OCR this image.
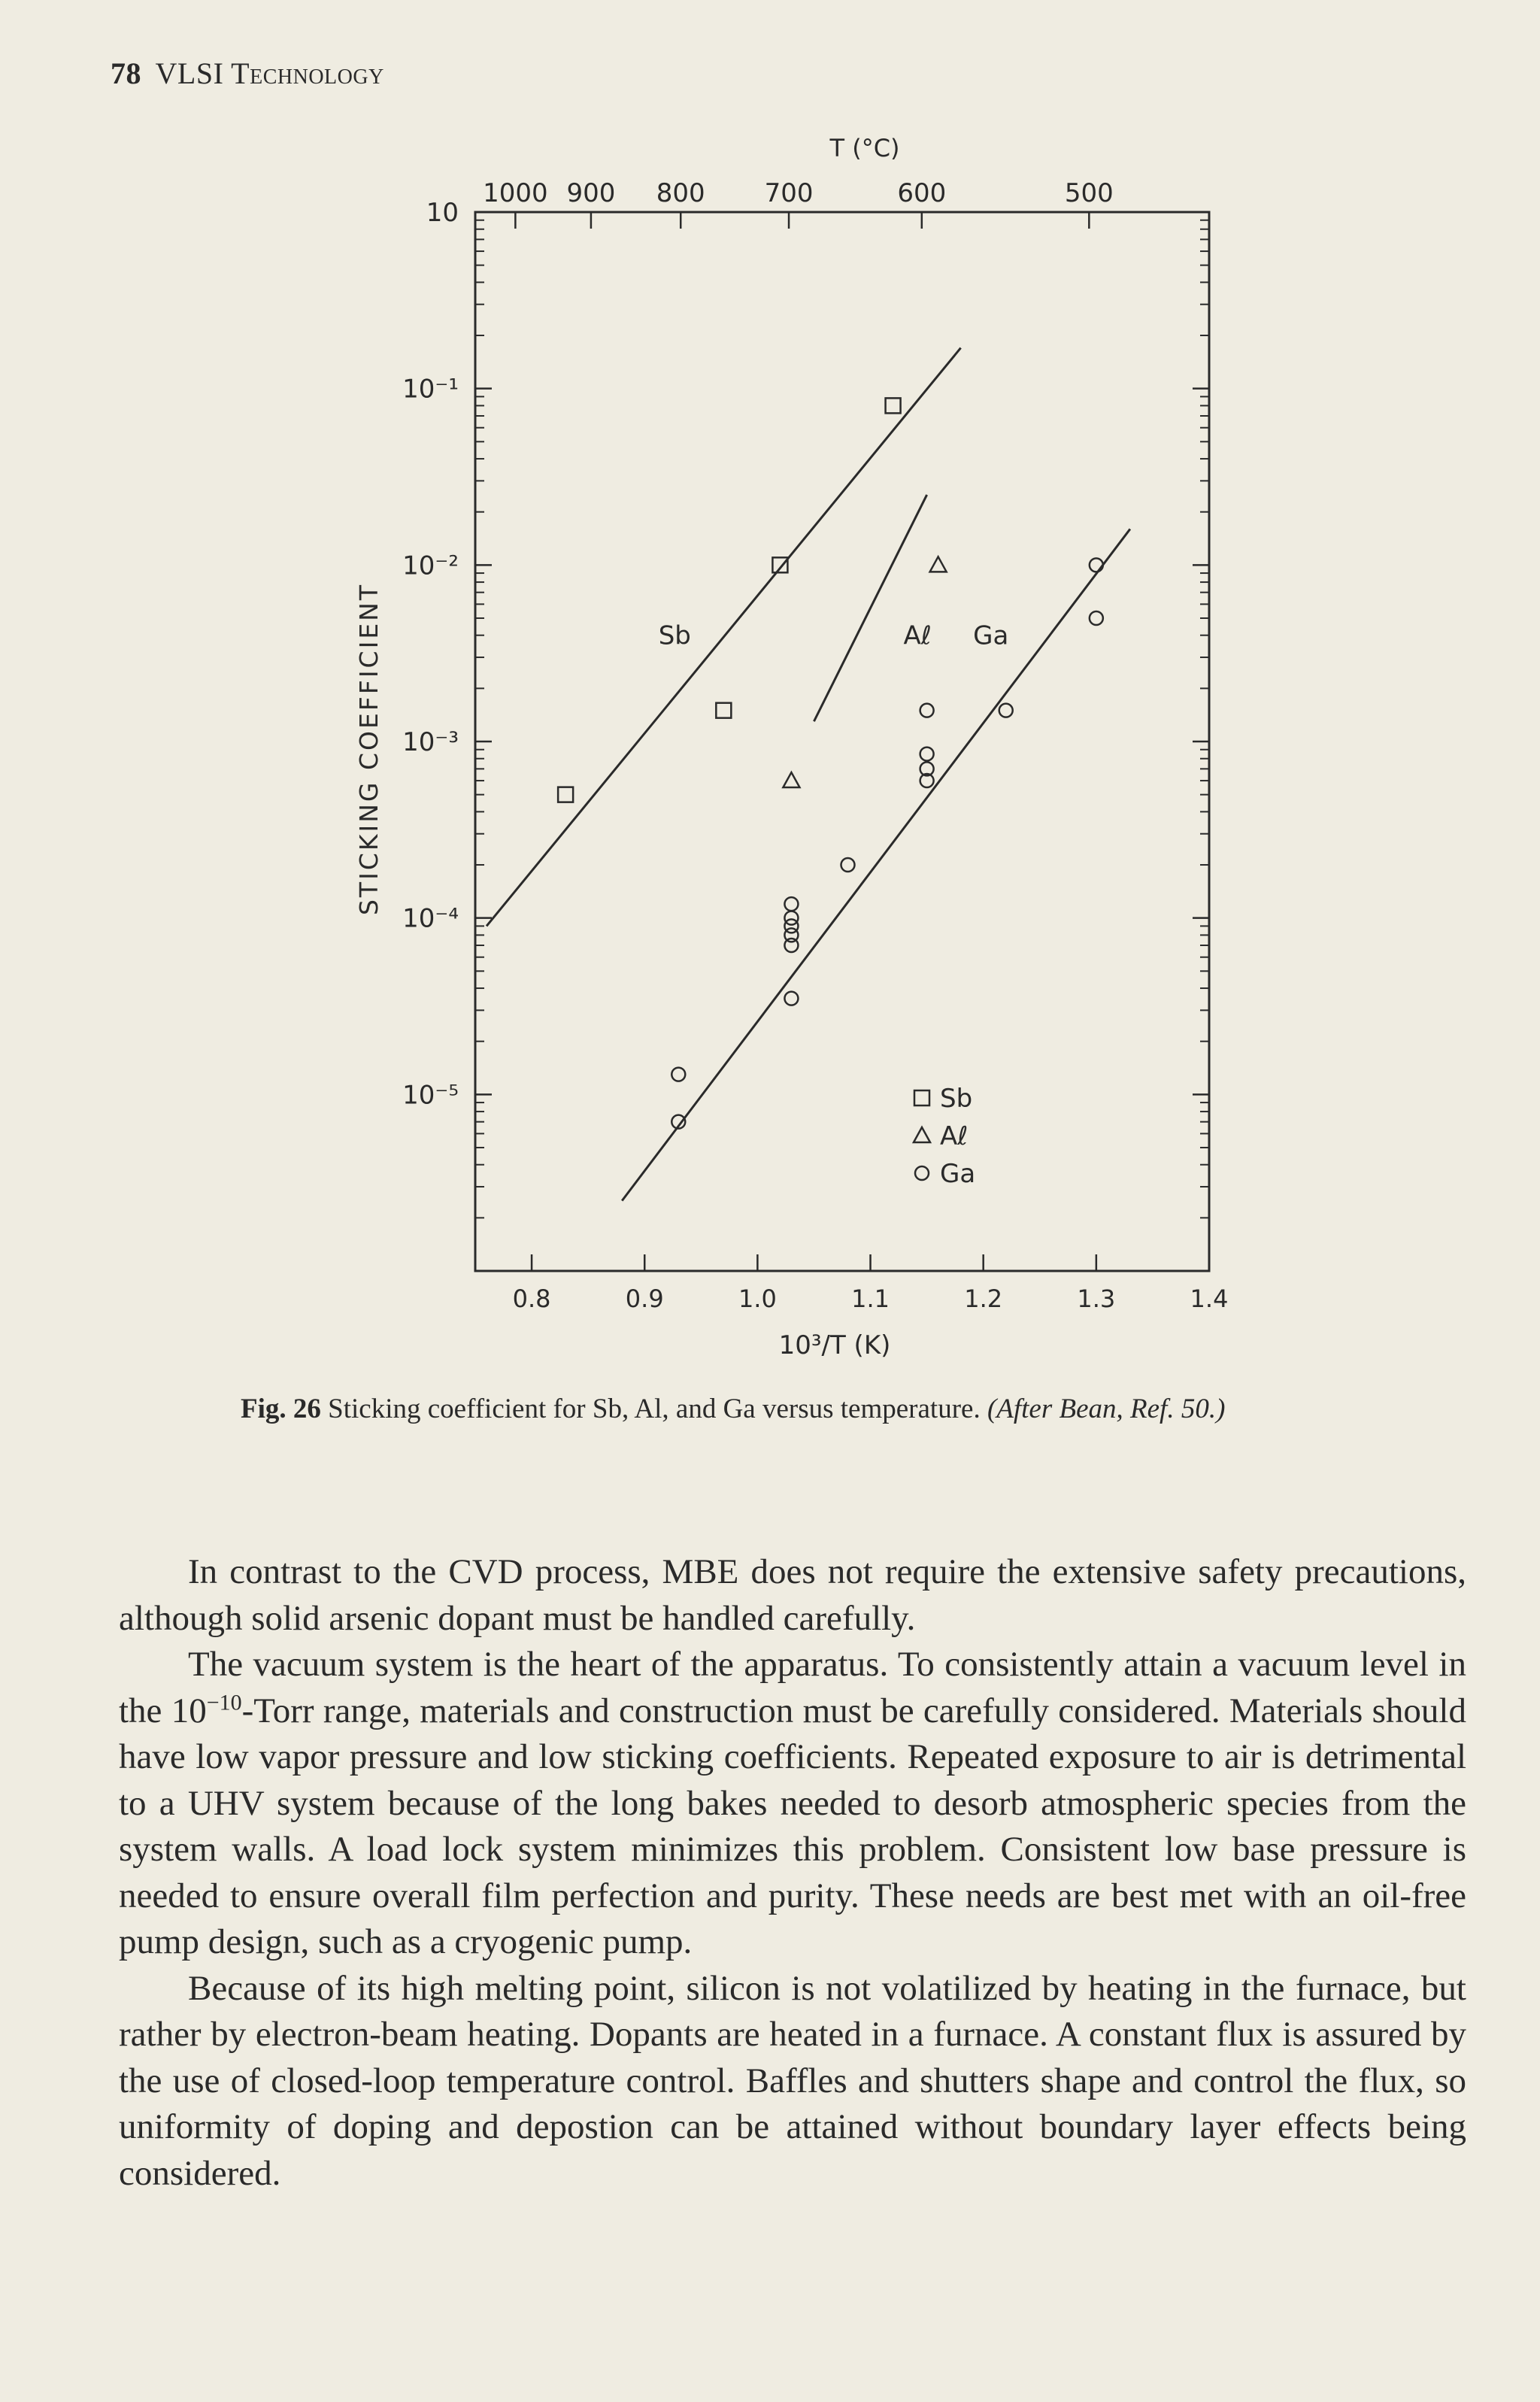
78 VLSI Technology
10
10⁻¹
10⁻²
10⁻³
10⁻⁴
10⁻⁵
0.8	0.9	1.0	1.1	1.2	1.3	1.4
1000 900 800 700	600	500
T (°C)
10³/T (K)
STICKING COEFFICIENT	Sb	Aℓ Ga
Sb
Aℓ
Ga
Fig. 26 Sticking coefficient for Sb, Al, and Ga versus temperature. (After Bean, Ref. 50.)

In contrast to the CVD process, MBE does not require the extensive safety precautions, although solid arsenic dopant must be handled carefully.

The vacuum system is the heart of the apparatus. To consistently attain a vacuum level in the $10^{-10}$-Torr range, materials and construction must be carefully considered. Materials should have low vapor pressure and low sticking coefficients. Repeated exposure to air is detrimental to a UHV system because of the long bakes needed to desorb atmospheric species from the system walls. A load lock system minimizes this problem. Consistent low base pressure is needed to ensure overall film perfection and purity. These needs are best met with an oil-free pump design, such as a cryogenic pump.

Because of its high melting point, silicon is not volatilized by heating in the furnace, but rather by electron-beam heating. Dopants are heated in a furnace. A constant flux is assured by the use of closed-loop temperature control. Baffles and shutters shape and control the flux, so uniformity of doping and depostion can be attained without boundary layer effects being considered.
